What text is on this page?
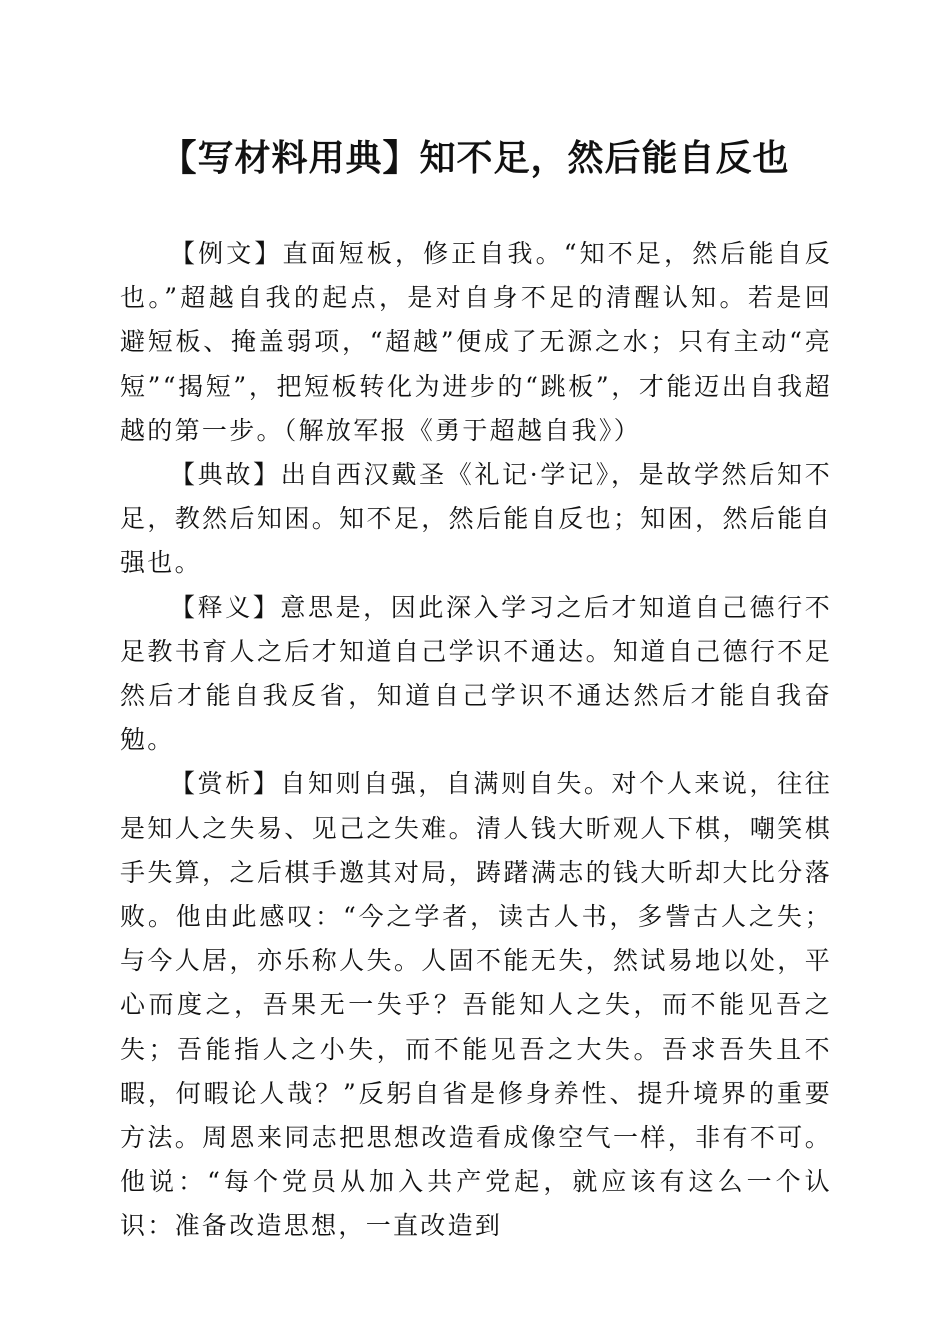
【写材料用典】知不足，然后能自反也

【例文】直面短板，修正自我。“知不足，然后能自反也。”超越自我的起点，是对自身不足的清醒认知。若是回避短板、掩盖弱项，“超越”便成了无源之水；只有主动“亮短”“揭短”，把短板转化为进步的“跳板”，才能迈出自我超越的第一步。（解放军报《勇于超越自我》）

【典故】出自西汉戴圣《礼记·学记》，是故学然后知不足，教然后知困。知不足，然后能自反也；知困，然后能自强也。

【释义】意思是，因此深入学习之后才知道自己德行不足教书育人之后才知道自己学识不通达。知道自己德行不足然后才能自我反省，知道自己学识不通达然后才能自我奋勉。

【赏析】自知则自强，自满则自失。对个人来说，往往是知人之失易、见己之失难。清人钱大昕观人下棋，嘲笑棋手失算，之后棋手邀其对局，踌躇满志的钱大昕却大比分落败。他由此感叹：“今之学者，读古人书，多訾古人之失；与今人居，亦乐称人失。人固不能无失，然试易地以处，平心而度之，吾果无一失乎？吾能知人之失，而不能见吾之失；吾能指人之小失，而不能见吾之大失。吾求吾失且不暇，何暇论人哉？”反躬自省是修身养性、提升境界的重要方法。周恩来同志把思想改造看成像空气一样，非有不可。他说：“每个党员从加入共产党起，就应该有这么一个认识：准备改造思想，一直改造到
